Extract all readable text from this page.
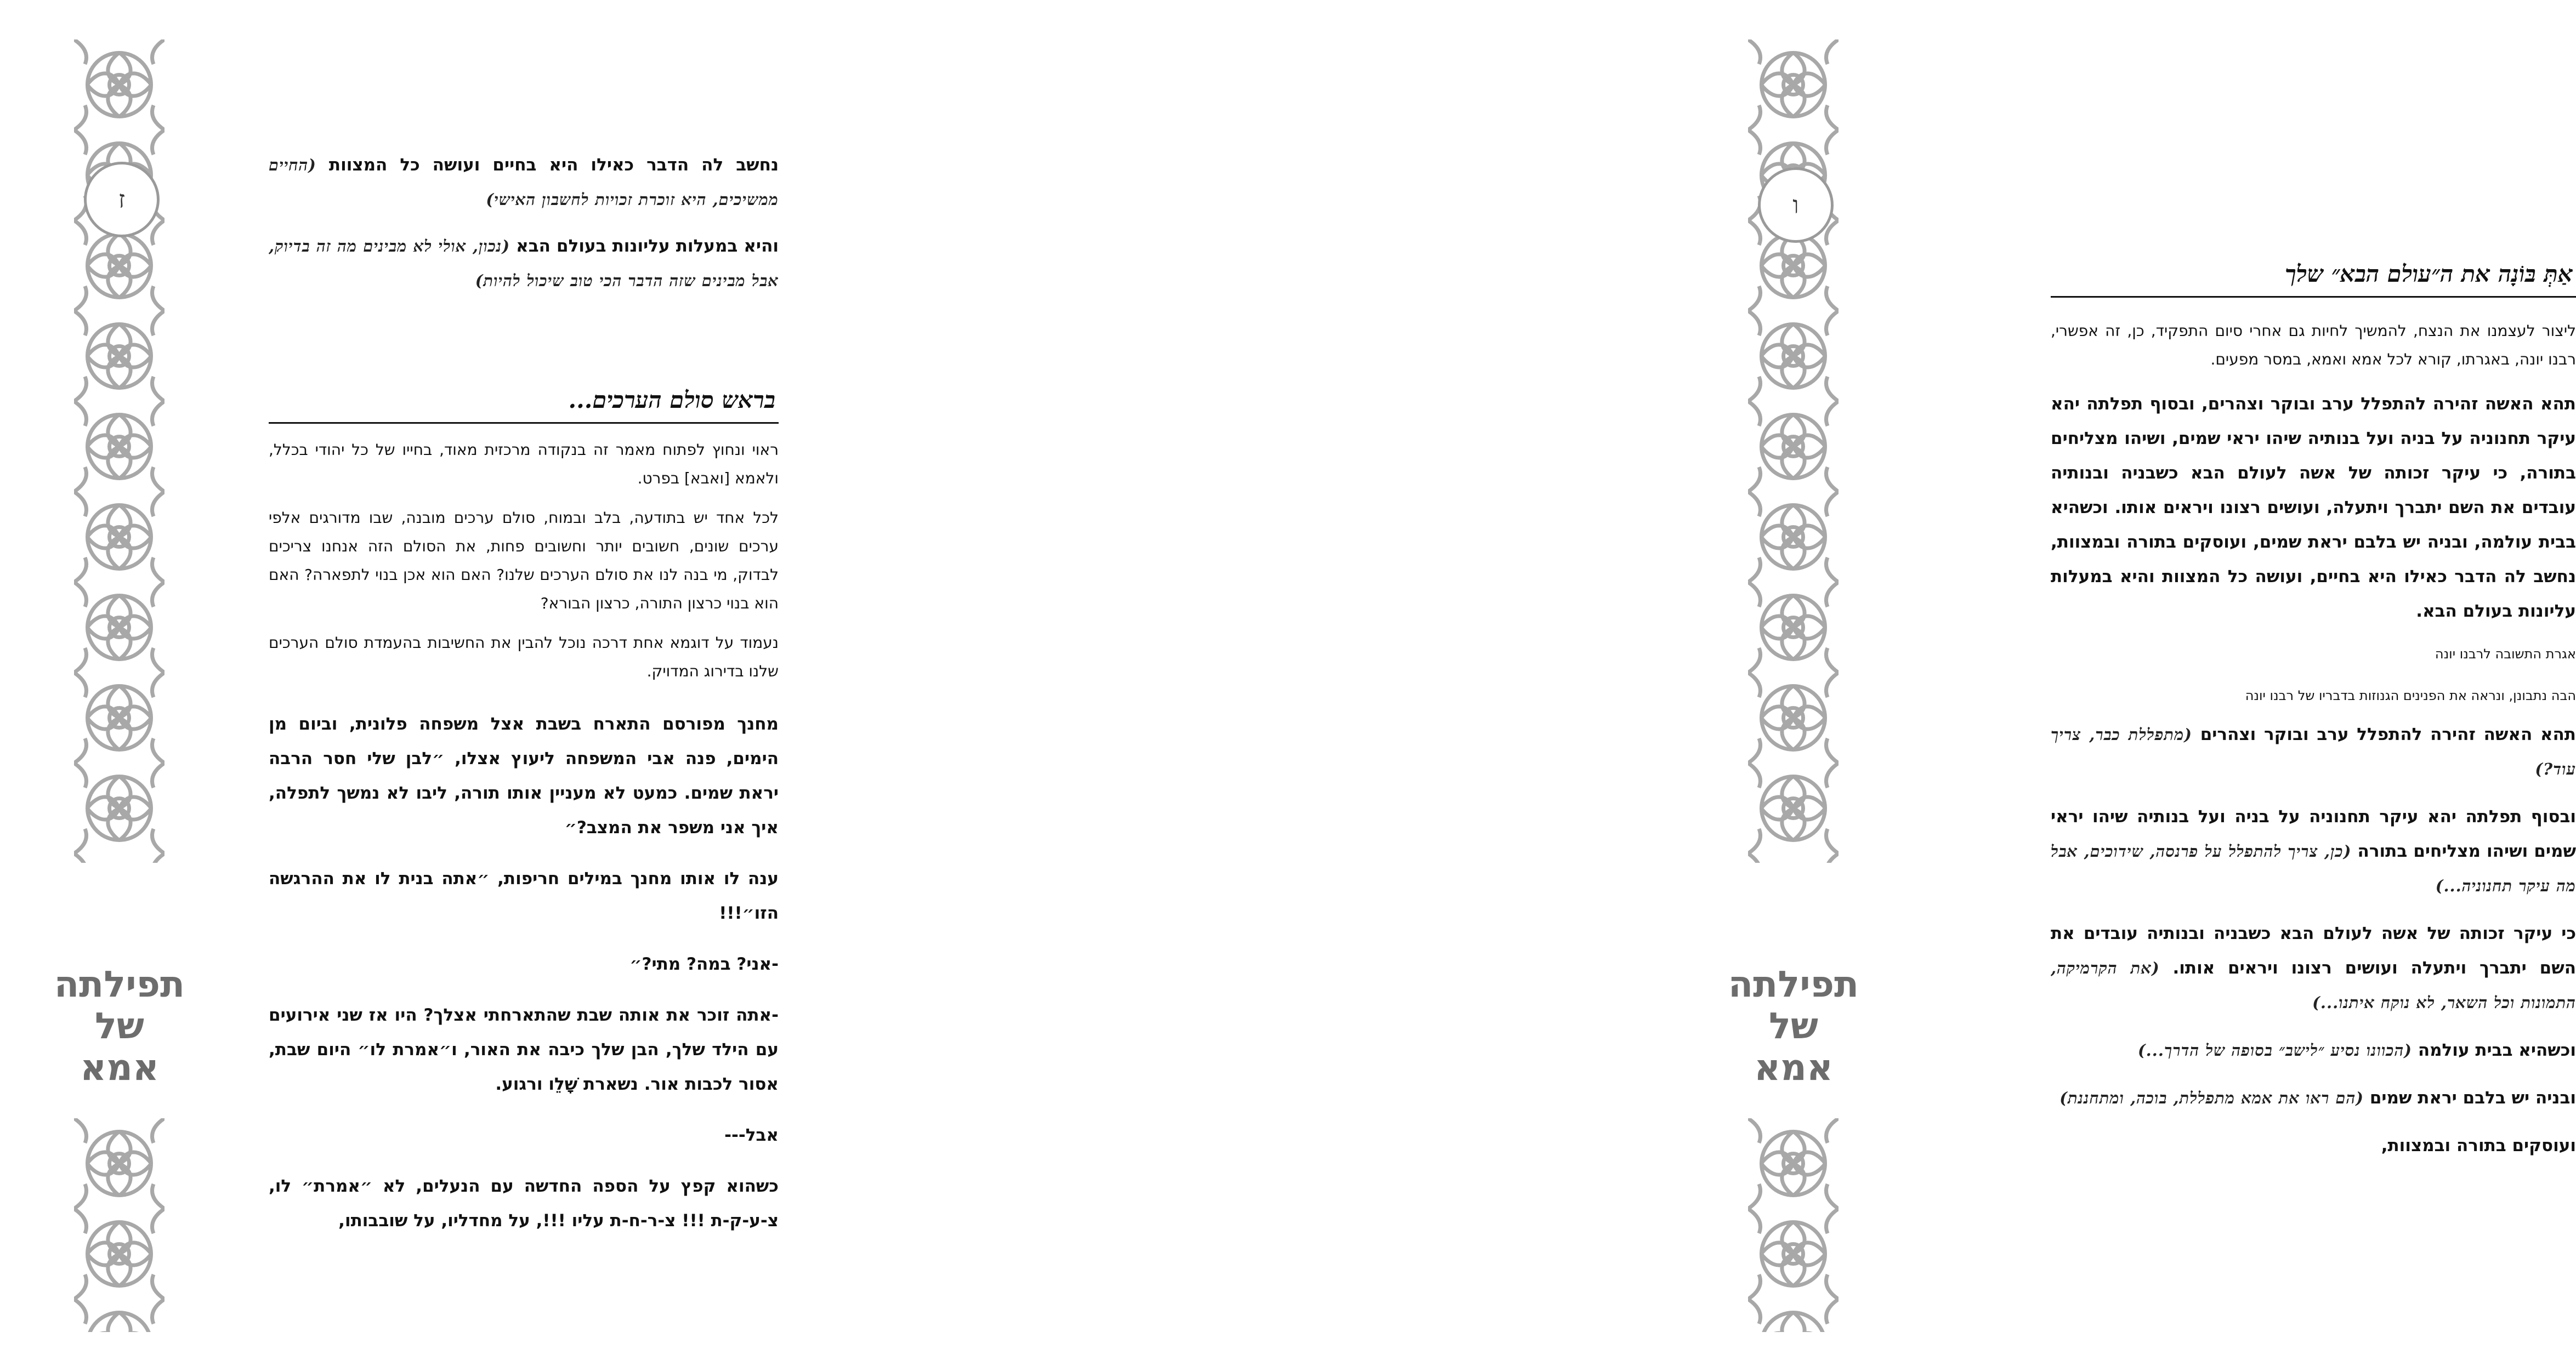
ז
תפילתה
של
אמא

נחשב לה הדבר כאילו היא בחיים ועושה כל המצוות (החיים ממשיכים, היא זוכרת זכויות לחשבון האישי)

והיא במעלות עליונות בעולם הבא (נכון, אולי לא מבינים מה זה בדיוק, אבל מבינים שזה הדבר הכי טוב שיכול להיות)

בראש סולם הערכים...

ראוי ונחוץ לפתוח מאמר זה בנקודה מרכזית מאוד, בחייו של כל יהודי בכלל, ולאמא [ואבא] בפרט.

לכל אחד יש בתודעה, בלב ובמוח, סולם ערכים מובנה, שבו מדורגים אלפי ערכים שונים, חשובים יותר וחשובים פחות, את הסולם הזה אנחנו צריכים לבדוק, מי בנה לנו את סולם הערכים שלנו? האם הוא אכן בנוי לתפארה? האם הוא בנוי כרצון התורה, כרצון הבורא?

נעמוד על דוגמא אחת דרכה נוכל להבין את החשיבות בהעמדת סולם הערכים שלנו בדירוג המדויק.

מחנך מפורסם התארח בשבת אצל משפחה פלונית, וביום מן הימים, פנה אבי המשפחה ליעוץ אצלו, ״לבן שלי חסר הרבה יראת שמים. כמעט לא מעניין אותו תורה, ליבו לא נמשך לתפלה, איך אני משפר את המצב?״

ענה לו אותו מחנך במילים חריפות, ״אתה בנית לו את ההרגשה הזו״!!!

-אני? במה? מתי?״

-אתה זוכר את אותה שבת שהתארחתי אצלך? היו אז שני אירועים עם הילד שלך, הבן שלך כיבה את האור, ו״אמרת לו״ היום שבת, אסור לכבות אור. נשארת שָׁלֵו ורגוע.

אבל---

כשהוא קפץ על הספה החדשה עם הנעלים, לא ״אמרת״ לו, צ-ע-ק-ת !!! צ-ר-ח-ת עליו !!!, על מחדליו, על שובבותו,

ו
תפילתה
של
אמא
אַתְּ בּוֹנָה את ה״עולם הבא״ שלך

ליצור לעצמנו את הנצח, להמשיך לחיות גם אחרי סיום התפקיד, כן, זה אפשרי, רבנו יונה, באגרתו, קורא לכל אמא ואמא, במסר מפעים.

תהא האשה זהירה להתפלל ערב ובוקר וצהרים, ובסוף תפלתה יהא עיקר תחנוניה על בניה ועל בנותיה שיהו יראי שמים, ושיהו מצליחים בתורה, כי עיקר זכותה של אשה לעולם הבא כשבניה ובנותיה עובדים את השם יתברך ויתעלה, ועושים רצונו ויראים אותו. וכשהיא בבית עולמה, ובניה יש בלבם יראת שמים, ועוסקים בתורה ובמצוות, נחשב לה הדבר כאילו היא בחיים, ועושה כל המצוות והיא במעלות עליונות בעולם הבא.

אגרת התשובה לרבנו יונה

הבה נתבונן, ונראה את הפנינים הגנוזות בדבריו של רבנו יונה

תהא האשה זהירה להתפלל ערב ובוקר וצהרים (מתפללת כבר, צריך עוד?)

ובסוף תפלתה יהא עיקר תחנוניה על בניה ועל בנותיה שיהו יראי שמים ושיהו מצליחים בתורה (כן, צריך להתפלל על פרנסה, שידוכים, אבל מה עיקר תחנוניה...)

כי עיקר זכותה של אשה לעולם הבא כשבניה ובנותיה עובדים את השם יתברך ויתעלה ועושים רצונו ויראים אותו. (את הקרמיקה, התמונות וכל השאר, לא נוקח איתנו...)

וכשהיא בבית עולמה (הכוונו נסיע ״לישב״ בסופה של הדרך...)

ובניה יש בלבם יראת שמים (הם ראו את אמא מתפללת, בוכה, ומתחננת)

ועוסקים בתורה ובמצוות,
